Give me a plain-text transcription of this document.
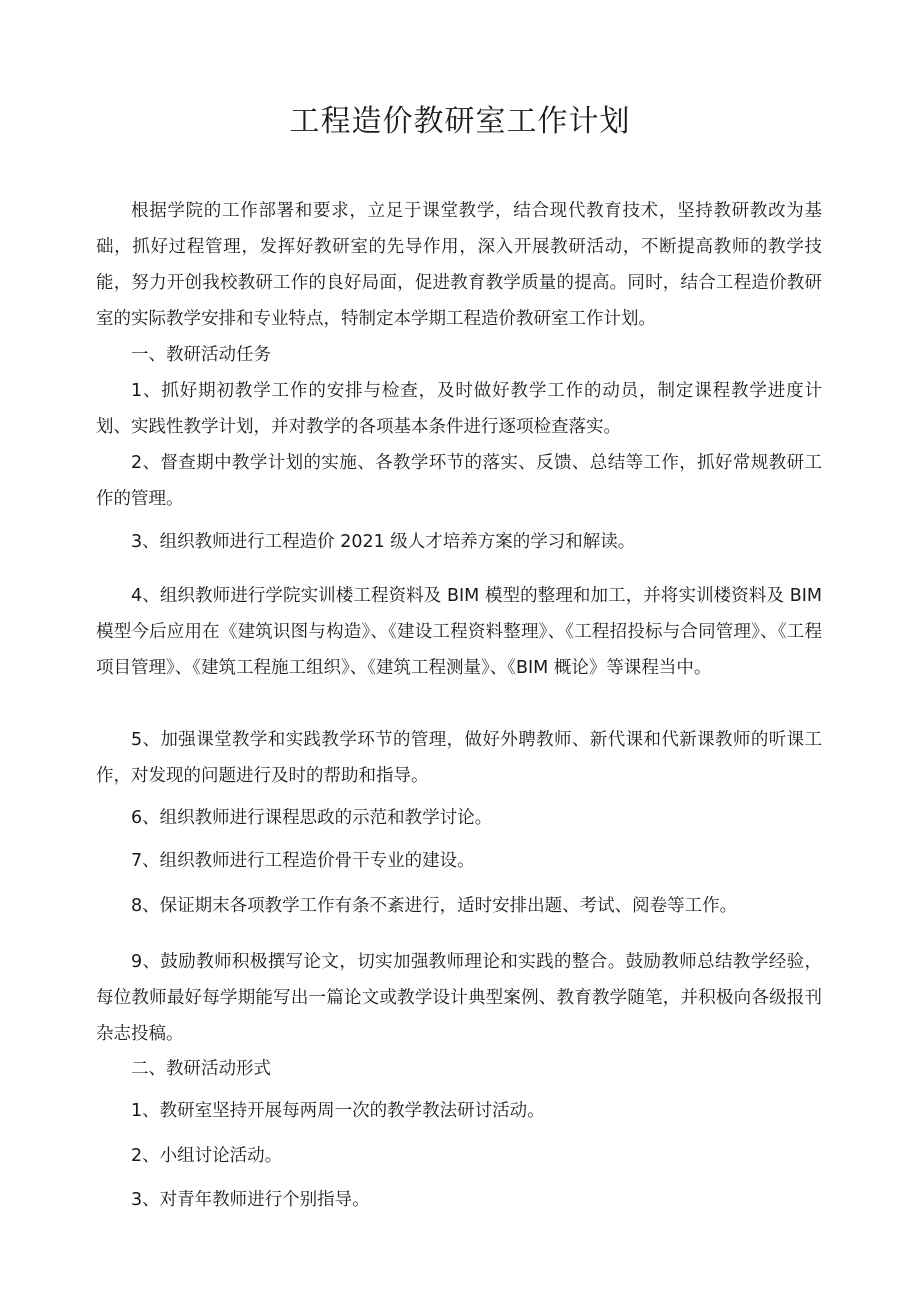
工程造价教研室工作计划

根据学院的工作部署和要求，立足于课堂教学，结合现代教育技术，坚持教研教改为基础，抓好过程管理，发挥好教研室的先导作用，深入开展教研活动，不断提高教师的教学技能，努力开创我校教研工作的良好局面，促进教育教学质量的提高。同时，结合工程造价教研室的实际教学安排和专业特点，特制定本学期工程造价教研室工作计划。

一、教研活动任务

1、抓好期初教学工作的安排与检查，及时做好教学工作的动员，制定课程教学进度计划、实践性教学计划，并对教学的各项基本条件进行逐项检查落实。

2、督查期中教学计划的实施、各教学环节的落实、反馈、总结等工作，抓好常规教研工作的管理。

3、组织教师进行工程造价 2021 级人才培养方案的学习和解读。

4、组织教师进行学院实训楼工程资料及 BIM 模型的整理和加工，并将实训楼资料及 BIM 模型今后应用在《建筑识图与构造》、《建设工程资料整理》、《工程招投标与合同管理》、《工程项目管理》、《建筑工程施工组织》、《建筑工程测量》、《BIM 概论》等课程当中。

5、加强课堂教学和实践教学环节的管理，做好外聘教师、新代课和代新课教师的听课工作，对发现的问题进行及时的帮助和指导。

6、组织教师进行课程思政的示范和教学讨论。

7、组织教师进行工程造价骨干专业的建设。

8、保证期末各项教学工作有条不紊进行，适时安排出题、考试、阅卷等工作。

9、鼓励教师积极撰写论文，切实加强教师理论和实践的整合。鼓励教师总结教学经验，每位教师最好每学期能写出一篇论文或教学设计典型案例、教育教学随笔，并积极向各级报刊杂志投稿。

二、教研活动形式

1、教研室坚持开展每两周一次的教学教法研讨活动。

2、小组讨论活动。

3、对青年教师进行个别指导。
